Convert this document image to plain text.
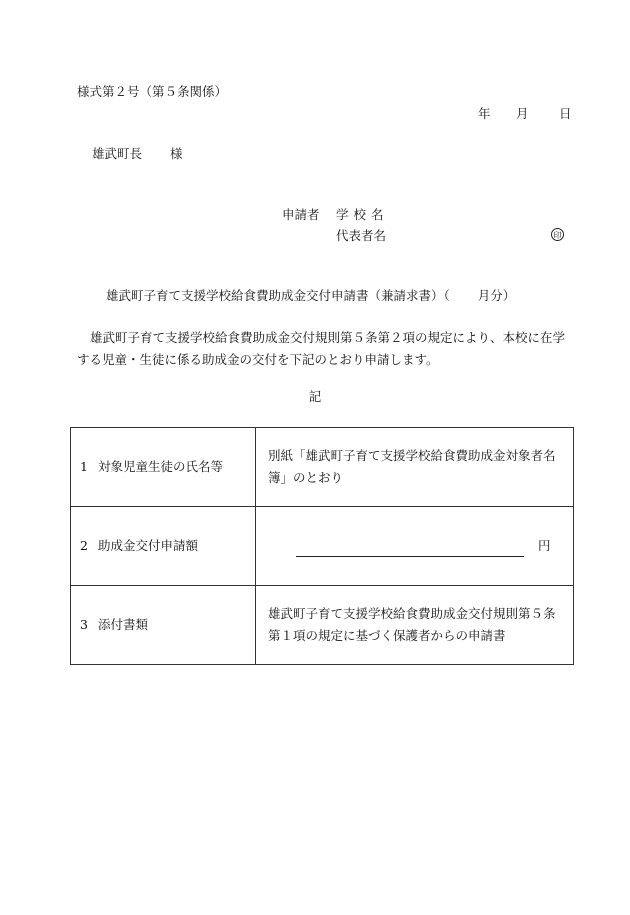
様式第２号（第５条関係）
年 月 日
雄武町長 様
申請者 学校名
代表者名	印
雄武町子育て支援学校給食費助成金交付申請書（兼請求書）（ 月分）
雄武町子育て支援学校給食費助成金交付規則第５条第２項の規定により、本校に在学する児童・生徒に係る助成金の交付を下記のとおり申請します。
記
1 対象児童生徒の氏名等	別紙「雄武町子育て支援学校給食費助成金対象者名簿」のとおり
2 助成金交付申請額	円

3 添付書類	雄武町子育て支援学校給食費助成金交付規則第５条第１項の規定に基づく保護者からの申請書
